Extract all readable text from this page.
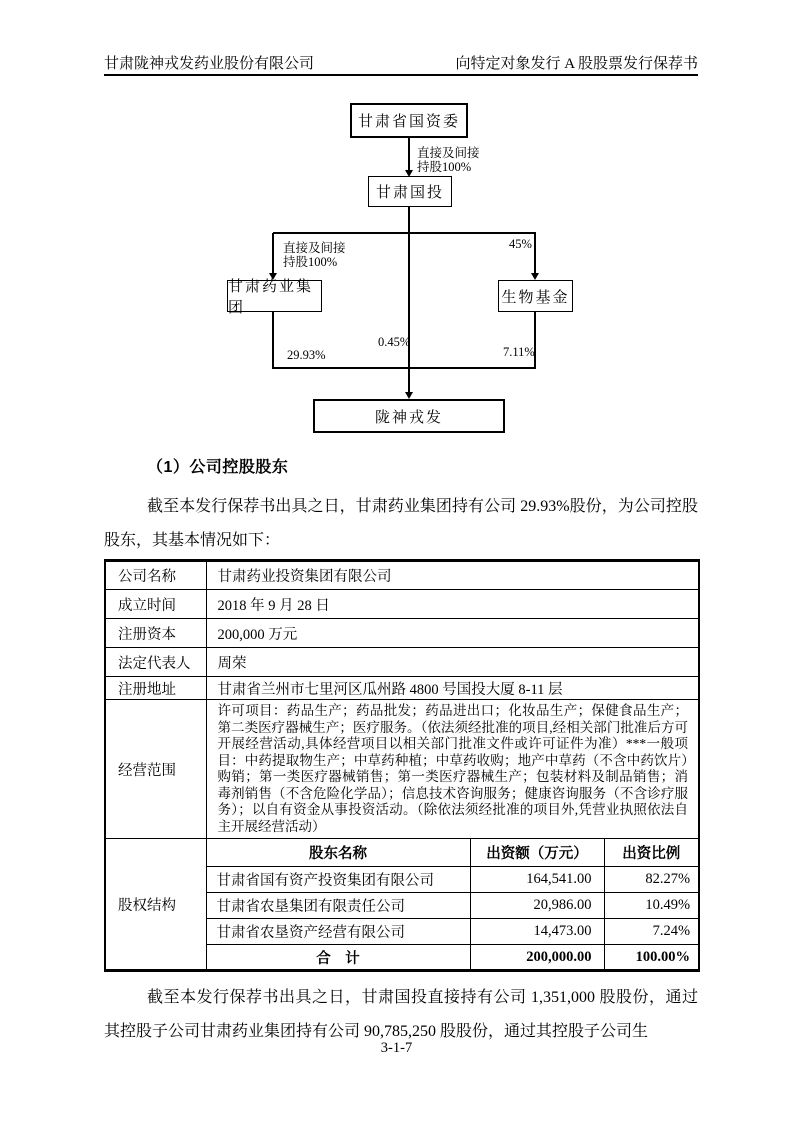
甘肃陇神戎发药业股份有限公司	向特定对象发行 A 股股票发行保荐书
甘肃省国资委
甘肃国投
甘肃药业集团
生物基金
陇神戎发
直接及间接
持股100%
直接及间接
持股100%
45%
0.45%
29.93%	7.11%
（1）公司控股股东

截至本发行保荐书出具之日，甘肃药业集团持有公司 29.93%股份，为公司控股股东，其基本情况如下：

公司名称	甘肃药业投资集团有限公司		
成立时间	2018 年 9 月 28 日		
注册资本	200,000 万元		
法定代表人	周荣		
注册地址	甘肃省兰州市七里河区瓜州路 4800 号国投大厦 8-11 层		
经营范围	许可项目：药品生产；药品批发；药品进出口；化妆品生产；保健食品生产；第二类医疗器械生产；医疗服务。（依法须经批准的项目,经相关部门批准后方可开展经营活动,具体经营项目以相关部门批准文件或许可证件为准）***一般项目：中药提取物生产；中草药种植；中草药收购；地产中草药（不含中药饮片）购销；第一类医疗器械销售；第一类医疗器械生产；包装材料及制品销售；消毒剂销售（不含危险化学品）；信息技术咨询服务；健康咨询服务（不含诊疗服务）；以自有资金从事投资活动。（除依法须经批准的项目外,凭营业执照依法自主开展经营活动）		

股权结构	股东名称	出资额（万元）	出资比例
	甘肃省国有资产投资集团有限公司	164,541.00	82.27%
	甘肃省农垦集团有限责任公司	20,986.00	10.49%
	甘肃省农垦资产经营有限公司	14,473.00	7.24%
	合　计	200,000.00	100.00%

截至本发行保荐书出具之日，甘肃国投直接持有公司 1,351,000 股股份，通过其控股子公司甘肃药业集团持有公司 90,785,250 股股份，通过其控股子公司生

3-1-7
